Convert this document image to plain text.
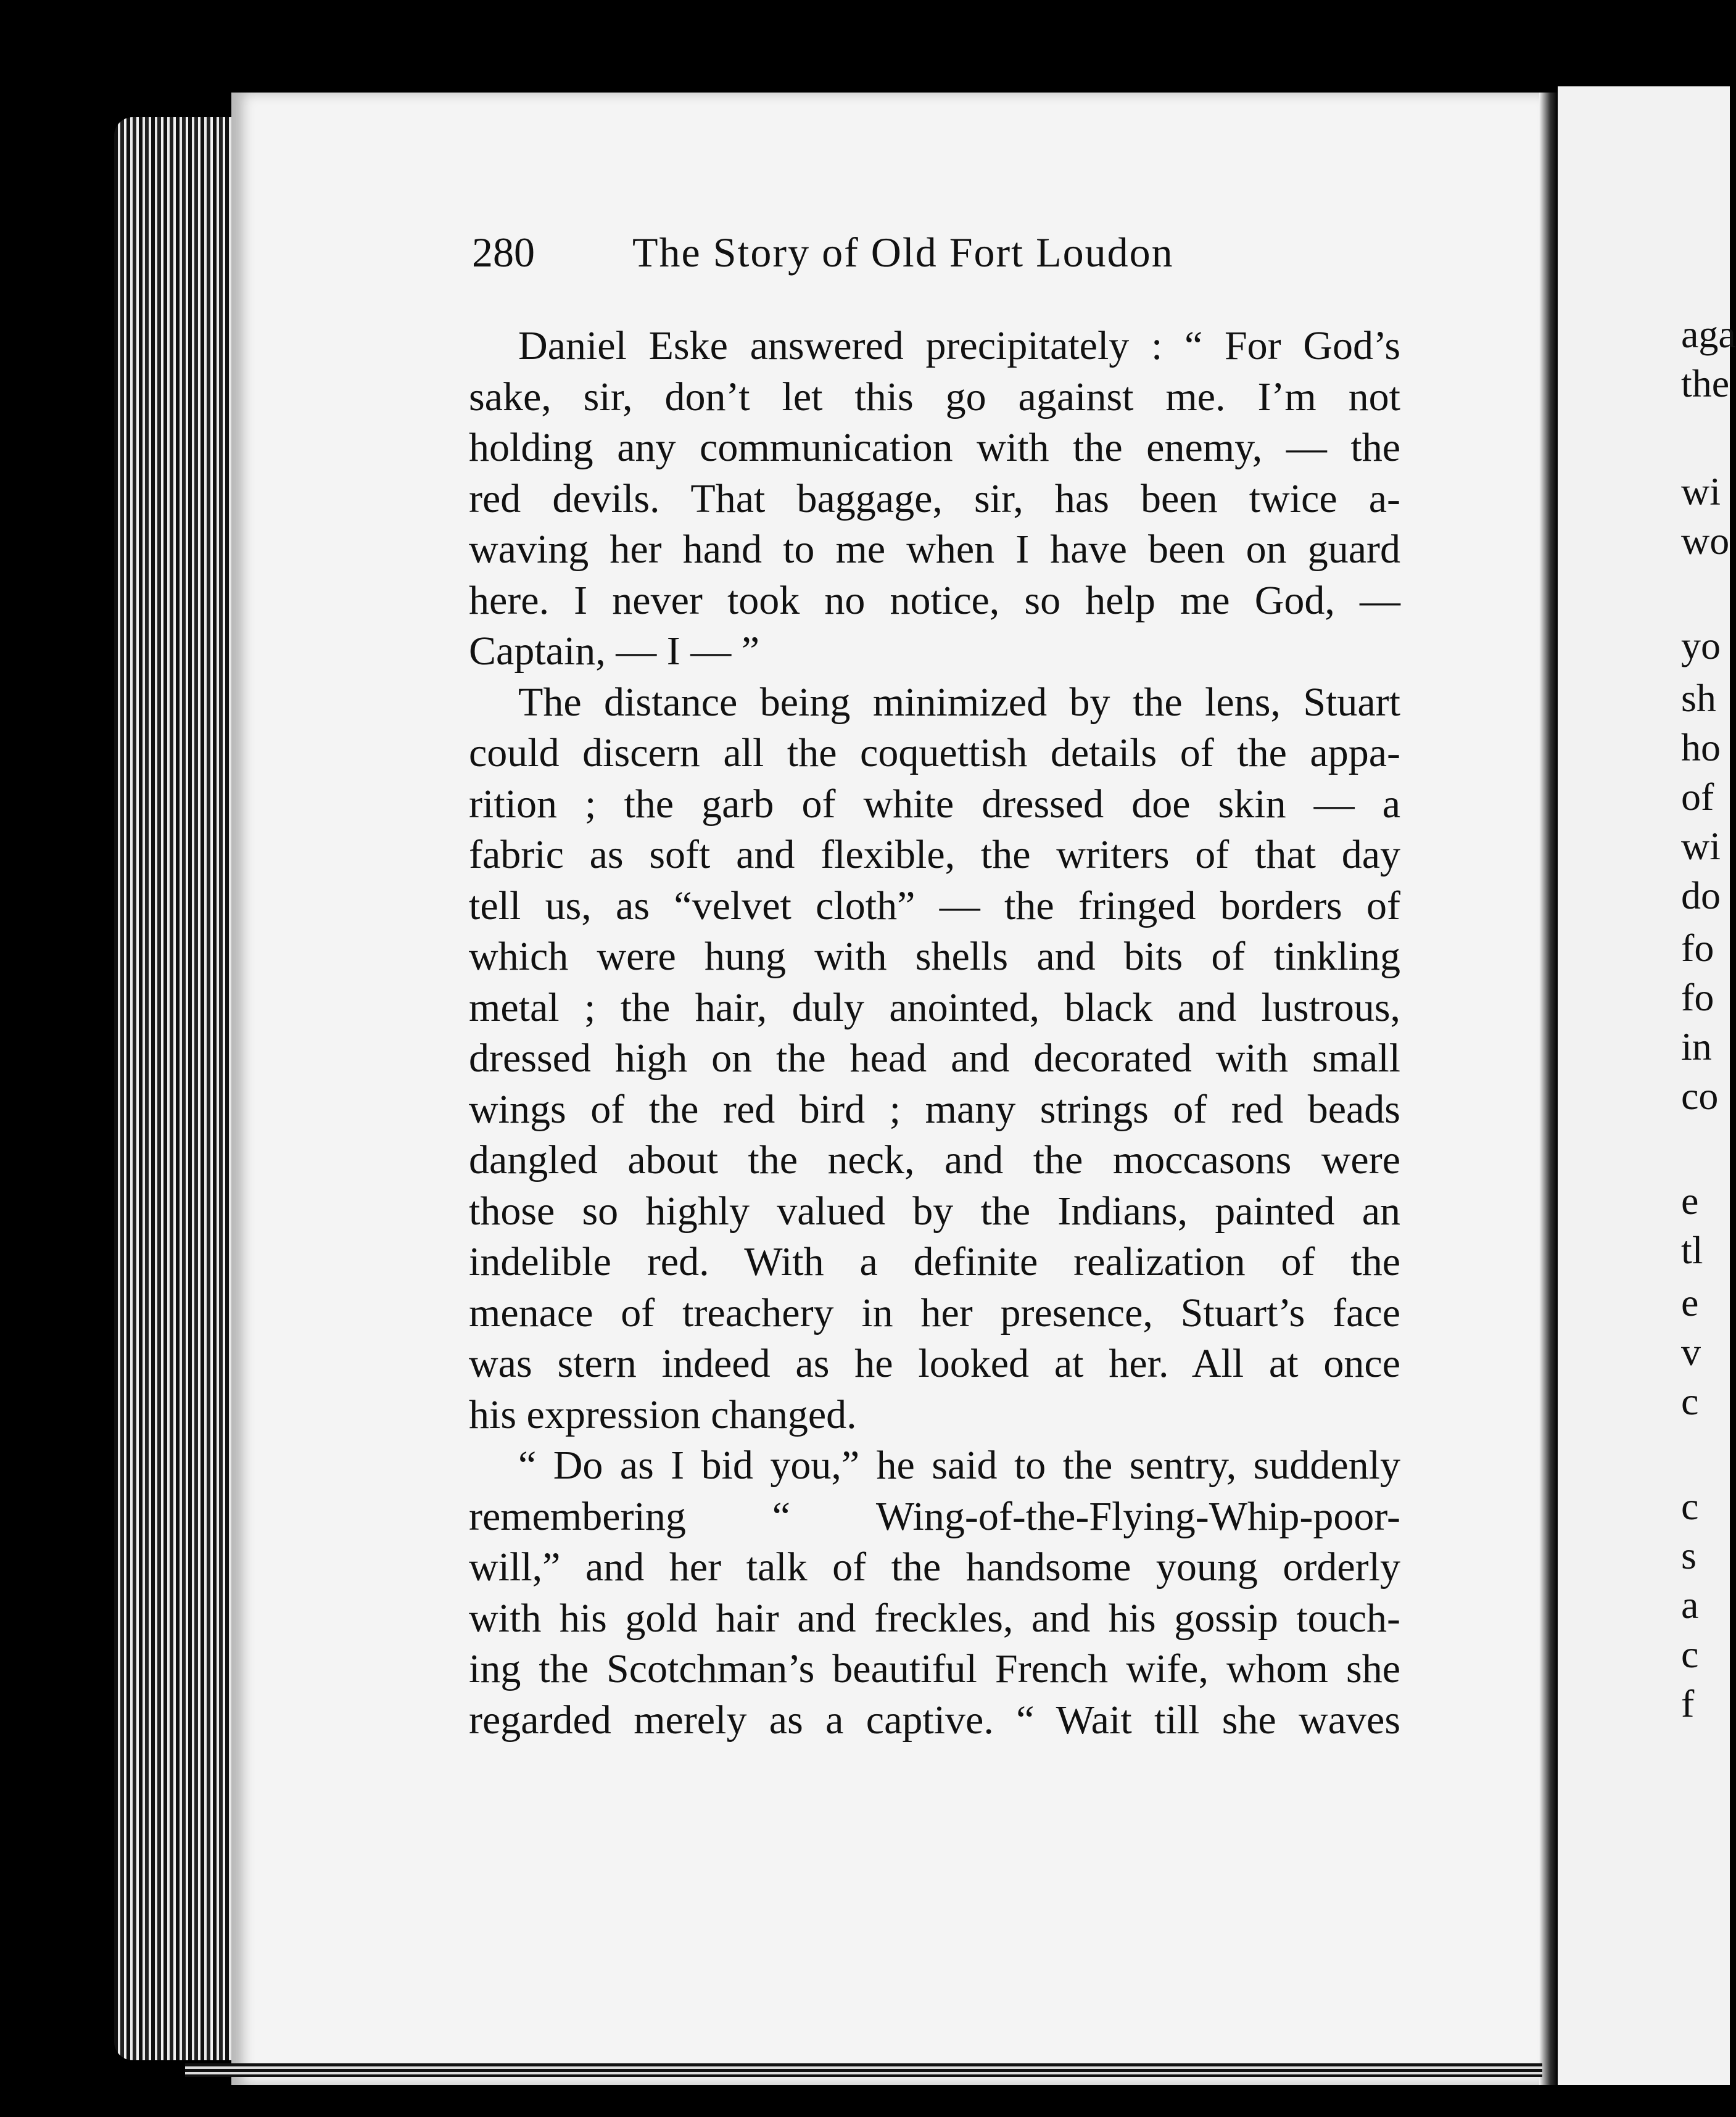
280	The Story of Old Fort Loudon
Daniel Eske answered precipitately : “ For God’s
sake, sir, don’t let this go against me. I’m not
holding any communication with the enemy, — the
red devils. That baggage, sir, has been twice a-
waving her hand to me when I have been on guard
here. I never took no notice, so help me God, —
Captain, — I — ”
The distance being minimized by the lens, Stuart
could discern all the coquettish details of the appa-
rition ; the garb of white dressed doe skin — a
fabric as soft and flexible, the writers of that day
tell us, as “velvet cloth” — the fringed borders of
which were hung with shells and bits of tinkling
metal ; the hair, duly anointed, black and lustrous,
dressed high on the head and decorated with small
wings of the red bird ; many strings of red beads
dangled about the neck, and the moccasons were
those so highly valued by the Indians, painted an
indelible red. With a definite realization of the
menace of treachery in her presence, Stuart’s face
was stern indeed as he looked at her. All at once
his expression changed.
“ Do as I bid you,” he said to the sentry, suddenly
remembering “ Wing-of-the-Flying-Whip-poor-
will,” and her talk of the handsome young orderly
with his gold hair and freckles, and his gossip touch-
ing the Scotchman’s beautiful French wife, whom she
regarded merely as a captive. “ Wait till she waves
aga
the
wi
wo
yo
sh
ho
of
wi
do
fo
fo
in
co
e
tl
e
v
c
c
s
a
c
f
